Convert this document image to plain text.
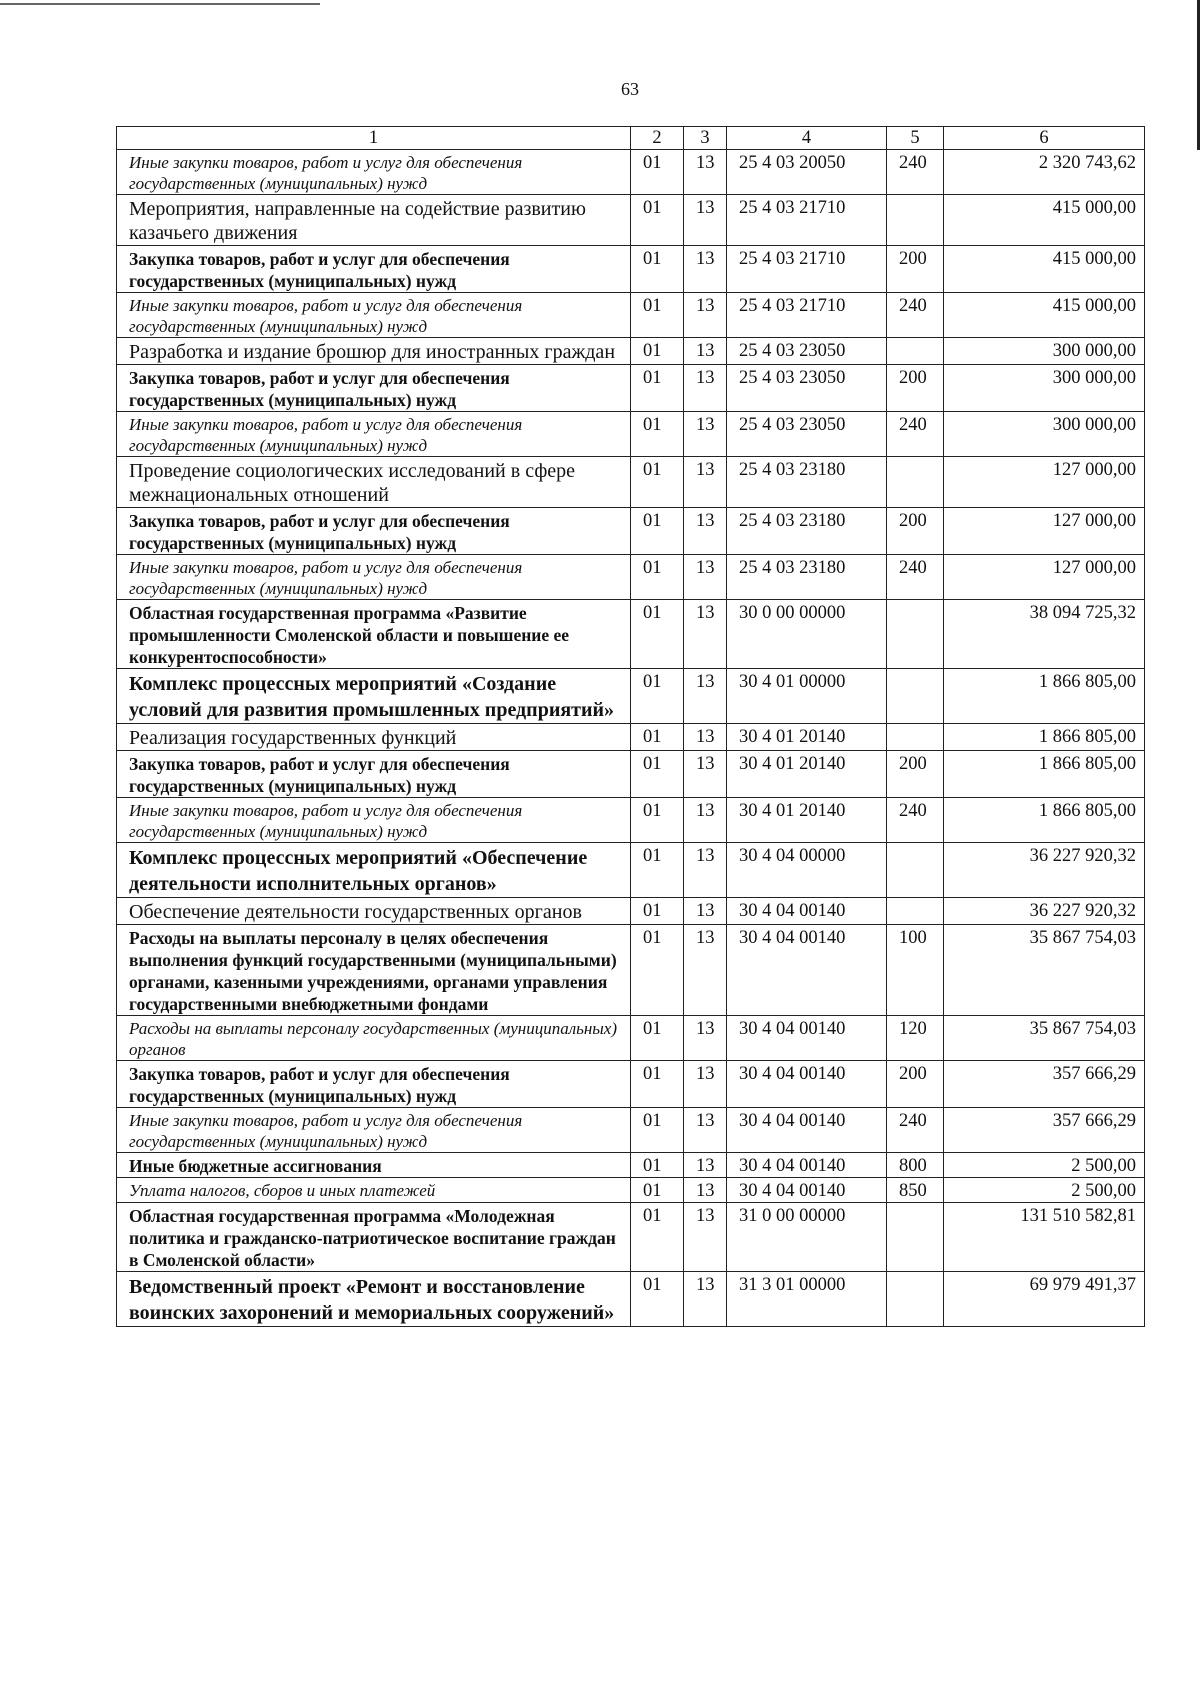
63
1	2	3	4	5	6
Иные закупки товаров, работ и услуг для обеспечения государственных (муниципальных) нужд	01	13	25 4 03 20050	240	2 320 743,62
Мероприятия, направленные на содействие развитию казачьего движения	01	13	25 4 03 21710		415 000,00
Закупка товаров, работ и услуг для обеспечения государственных (муниципальных) нужд	01	13	25 4 03 21710	200	415 000,00
Иные закупки товаров, работ и услуг для обеспечения государственных (муниципальных) нужд	01	13	25 4 03 21710	240	415 000,00
Разработка и издание брошюр для иностранных граждан	01	13	25 4 03 23050		300 000,00
Закупка товаров, работ и услуг для обеспечения государственных (муниципальных) нужд	01	13	25 4 03 23050	200	300 000,00
Иные закупки товаров, работ и услуг для обеспечения государственных (муниципальных) нужд	01	13	25 4 03 23050	240	300 000,00
Проведение социологических исследований в сфере межнациональных отношений	01	13	25 4 03 23180		127 000,00
Закупка товаров, работ и услуг для обеспечения государственных (муниципальных) нужд	01	13	25 4 03 23180	200	127 000,00
Иные закупки товаров, работ и услуг для обеспечения государственных (муниципальных) нужд	01	13	25 4 03 23180	240	127 000,00
Областная государственная программа «Развитие промышленности Смоленской области и повышение ее конкурентоспособности»	01	13	30 0 00 00000		38 094 725,32
Комплекс процессных мероприятий «Создание условий для развития промышленных предприятий»	01	13	30 4 01 00000		1 866 805,00
Реализация государственных функций	01	13	30 4 01 20140		1 866 805,00
Закупка товаров, работ и услуг для обеспечения государственных (муниципальных) нужд	01	13	30 4 01 20140	200	1 866 805,00
Иные закупки товаров, работ и услуг для обеспечения государственных (муниципальных) нужд	01	13	30 4 01 20140	240	1 866 805,00
Комплекс процессных мероприятий «Обеспечение деятельности исполнительных органов»	01	13	30 4 04 00000		36 227 920,32
Обеспечение деятельности государственных органов	01	13	30 4 04 00140		36 227 920,32
Расходы на выплаты персоналу в целях обеспечения выполнения функций государственными (муниципальными) органами, казенными учреждениями, органами управления государственными внебюджетными фондами	01	13	30 4 04 00140	100	35 867 754,03
Расходы на выплаты персоналу государственных (муниципальных) органов	01	13	30 4 04 00140	120	35 867 754,03
Закупка товаров, работ и услуг для обеспечения государственных (муниципальных) нужд	01	13	30 4 04 00140	200	357 666,29
Иные закупки товаров, работ и услуг для обеспечения государственных (муниципальных) нужд	01	13	30 4 04 00140	240	357 666,29
Иные бюджетные ассигнования	01	13	30 4 04 00140	800	2 500,00
Уплата налогов, сборов и иных платежей	01	13	30 4 04 00140	850	2 500,00
Областная государственная программа «Молодежная политика и гражданско-патриотическое воспитание граждан в Смоленской области»	01	13	31 0 00 00000		131 510 582,81
Ведомственный проект «Ремонт и восстановление воинских захоронений и мемориальных сооружений»	01	13	31 3 01 00000		69 979 491,37
